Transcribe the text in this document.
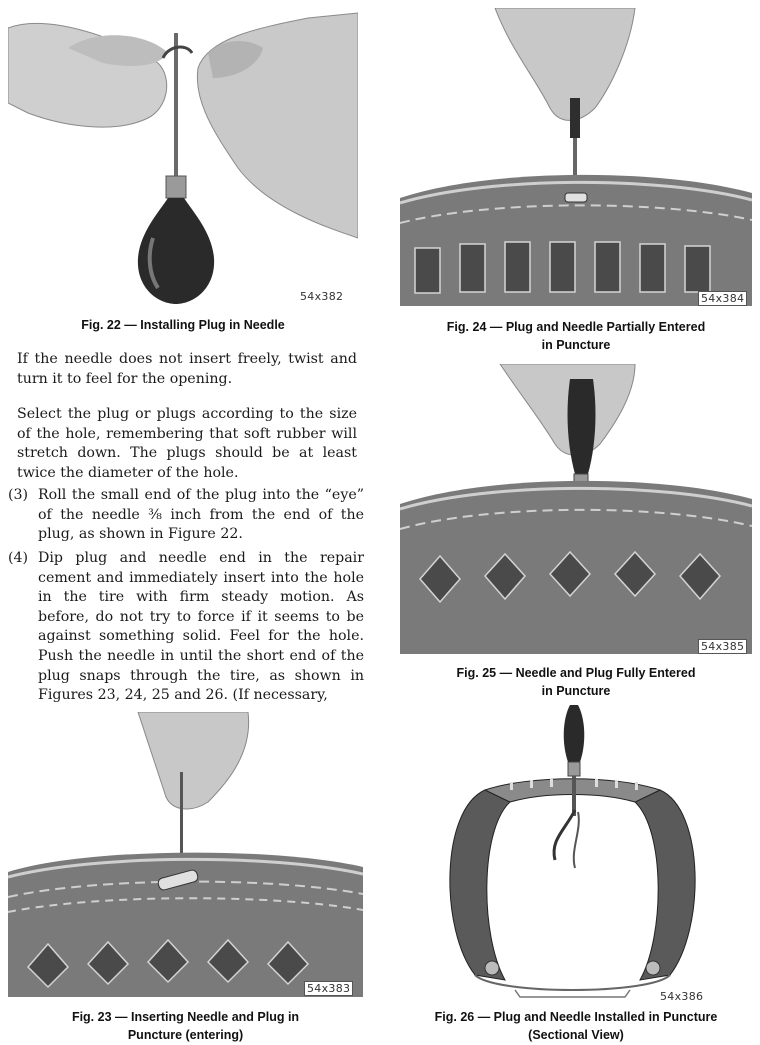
54x382
Fig. 22 — Installing Plug in Needle
If the needle does not insert freely, twist and turn it to feel for the opening.
Select the plug or plugs according to the size of the hole, remembering that soft rubber will stretch down. The plugs should be at least twice the diameter of the hole.
(3) Roll the small end of the plug into the “eye” of the needle ⅜ inch from the end of the plug, as shown in Figure 22.
(4) Dip plug and needle end in the repair cement and immediately insert into the hole in the tire with firm steady motion. As before, do not try to force if it seems to be against something solid. Feel for the hole. Push the needle in until the short end of the plug snaps through the tire, as shown in Figures 23, 24, 25 and 26. (If necessary,
54x383
Fig. 23 — Inserting Needle and Plug in
Puncture (entering)
54x384
Fig. 24 — Plug and Needle Partially Entered
in Puncture
54x385
Fig. 25 — Needle and Plug Fully Entered
in Puncture
54x386
Fig. 26 — Plug and Needle Installed in Puncture
(Sectional View)
